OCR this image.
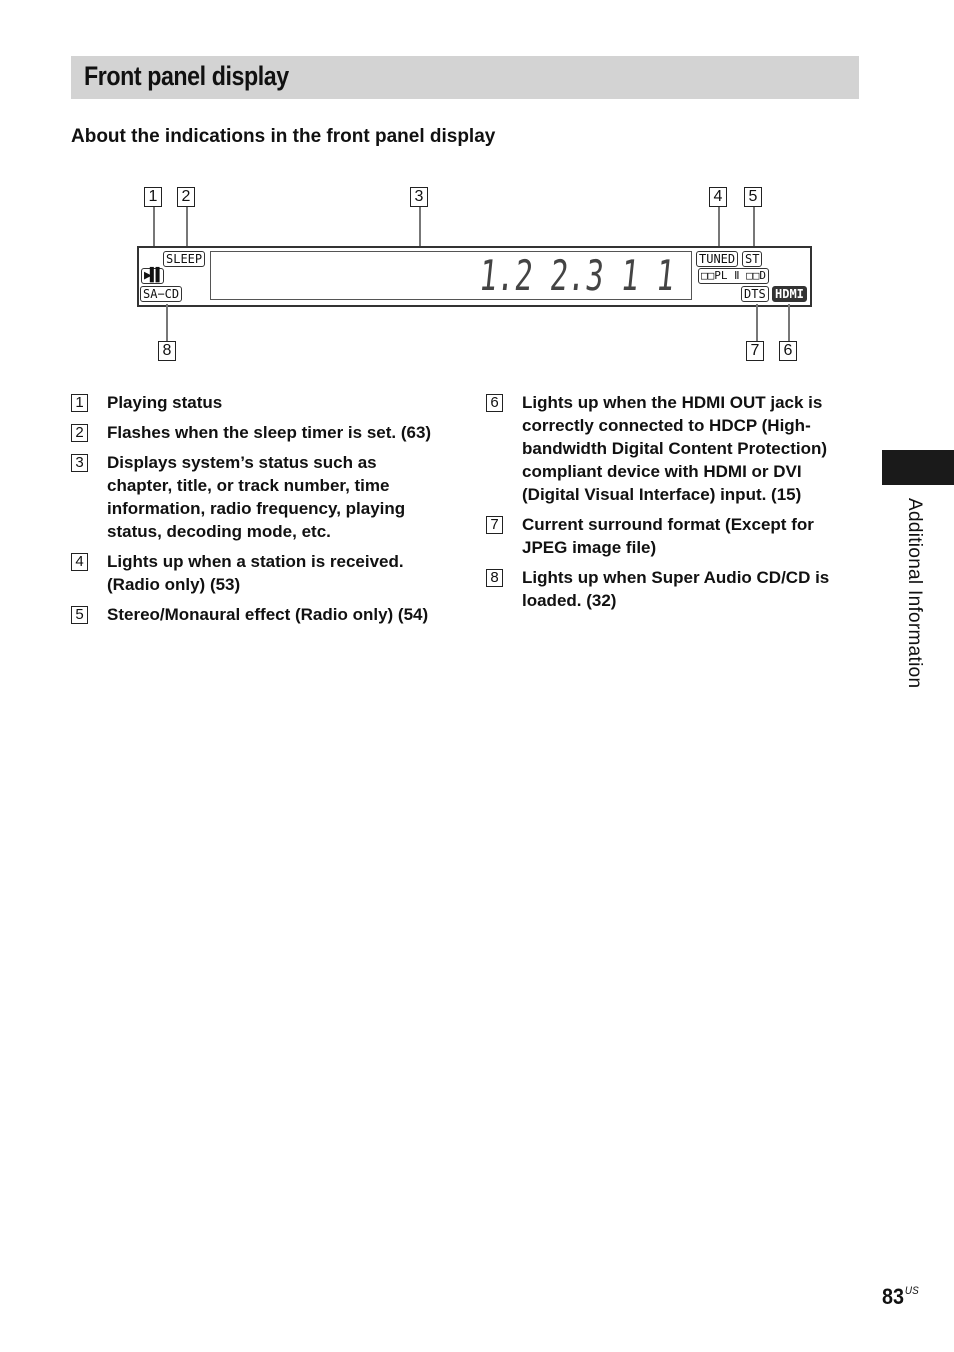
Front panel display
About the indications in the front panel display
1 2	3	4 5
SLEEP
▶▌▌
SA−CD
TUNED ST
□□PL Ⅱ □□D
DTS HDMI
1.2 2.3 1 1
8	7 6
1 Playing status
2 Flashes when the sleep timer is set. (63)
3 Displays system’s status such as chapter, title, or track number, time information, radio frequency, playing status, decoding mode, etc.
4 Lights up when a station is received. (Radio only) (53)
5 Stereo/Monaural effect (Radio only) (54)
6 Lights up when the HDMI OUT jack is correctly connected to HDCP (High-bandwidth Digital Content Protection) compliant device with HDMI or DVI (Digital Visual Interface) input. (15)
7 Current surround format (Except for JPEG image file)
8 Lights up when Super Audio CD/CD is loaded. (32)	Additional Information
$83^{US}$
